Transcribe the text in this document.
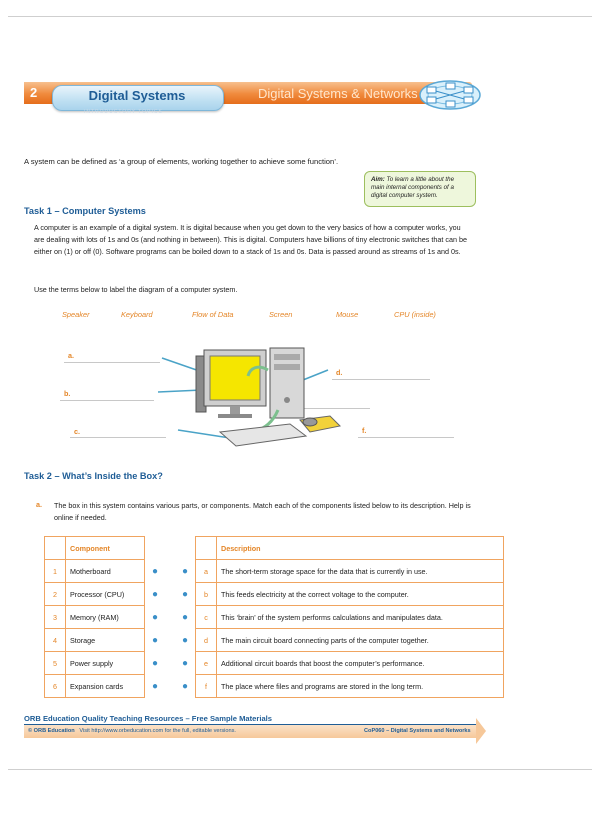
2	Digital Systems
INTRODUCTORY TOPICS
Digital Systems & Networks
A system can be defined as ‘a group of elements, working together to achieve some function’.
Aim: To learn a little about the main internal components of a digital computer system.
Task 1 – Computer Systems
A computer is an example of a digital system. It is digital because when you get down to the very basics of how a computer works, you are dealing with lots of 1s and 0s (and nothing in between). This is digital. Computers have billions of tiny electronic switches that can be either on (1) or off (0). Software programs can be boiled down to a stack of 1s and 0s. Data is passed around as streams of 1s and 0s.
Use the terms below to label the diagram of a computer system.
Speaker	Keyboard	Flow of Data	Screen	Mouse	CPU (inside)
a.
b.
c.
d.
f.
Task 2 – What’s Inside the Box?
a. The box in this system contains various parts, or components. Match each of the components listed below to its description. Help is online if needed.
	Component					Description
1	Motherboard	●		●	a	The short-term storage space for the data that is currently in use.
2	Processor (CPU)	●		●	b	This feeds electricity at the correct voltage to the computer.
3	Memory (RAM)	●		●	c	This ‘brain’ of the system performs calculations and manipulates data.
4	Storage	●		●	d	The main circuit board connecting parts of the computer together.
5	Power supply	●		●	e	Additional circuit boards that boost the computer’s performance.
6	Expansion cards	●		●	f	The place where files and programs are stored in the long term.
ORB Education Quality Teaching Resources – Free Sample Materials
© ORB Education Visit http://www.orbeducation.com for the full, editable versions.	CoP060 – Digital Systems and Networks
